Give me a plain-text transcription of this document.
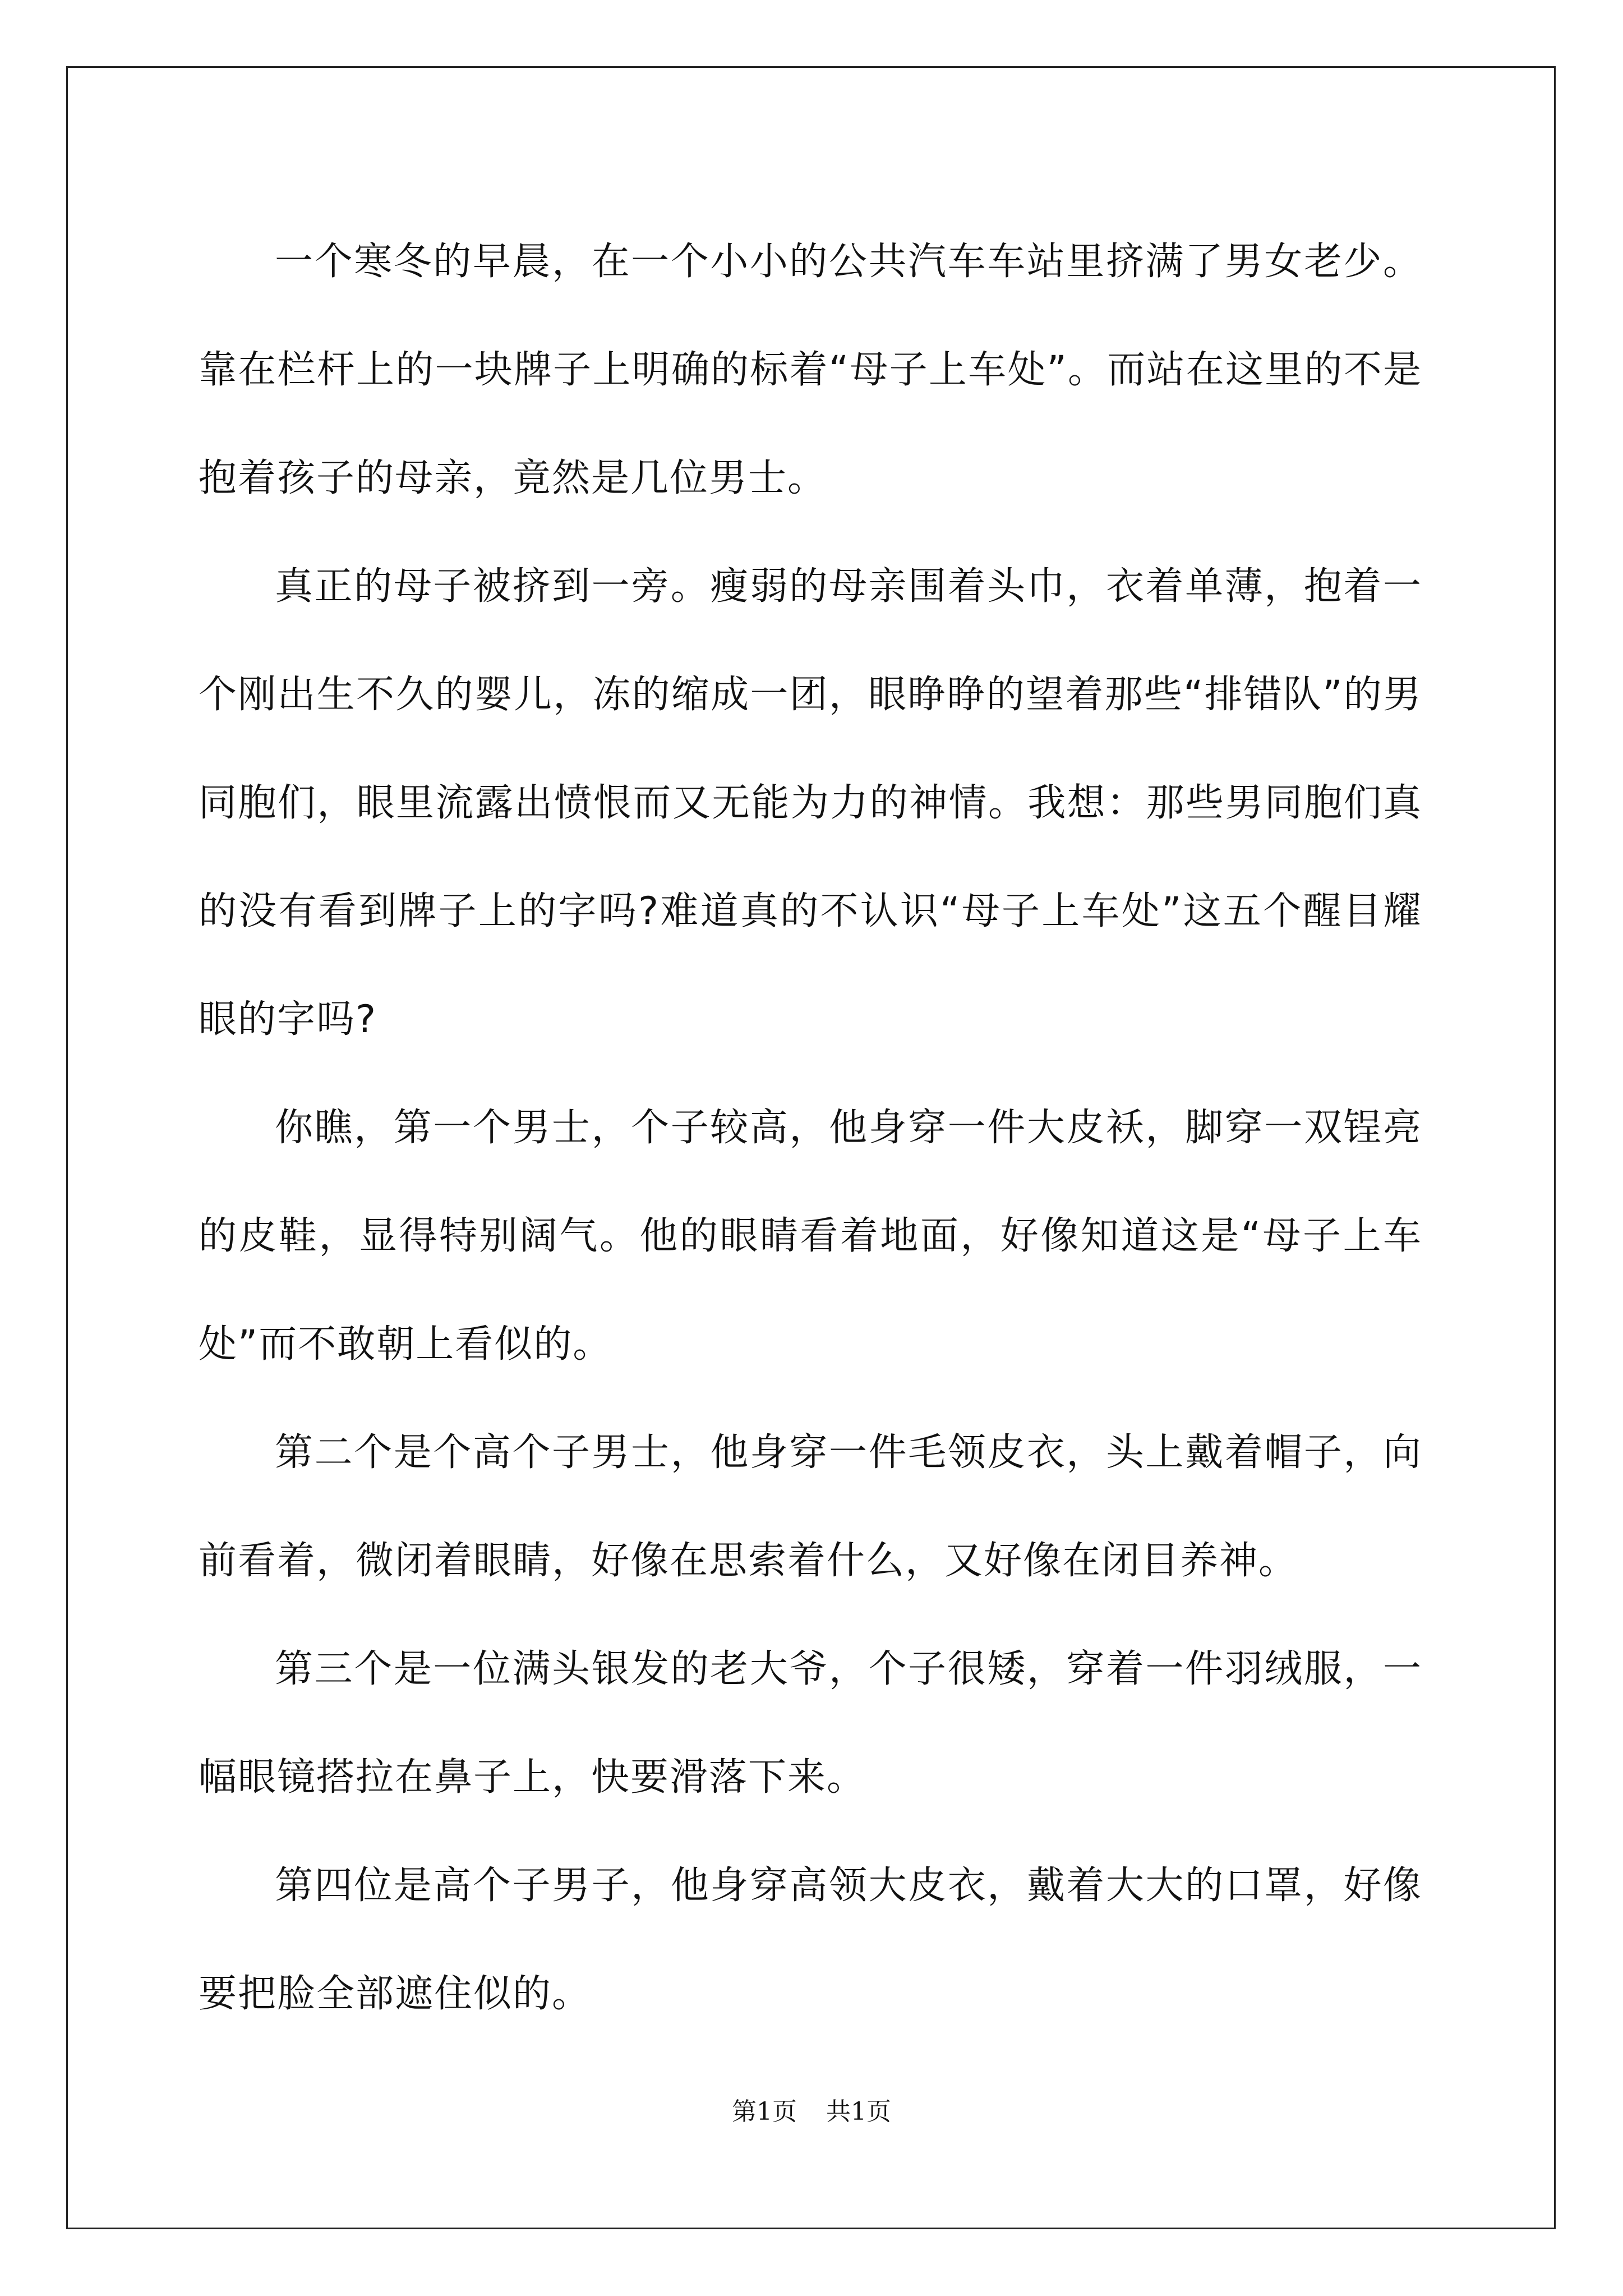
一个寒冬的早晨，在一个小小的公共汽车车站里挤满了男女老少。靠在栏杆上的一块牌子上明确的标着“母子上车处”。而站在这里的不是抱着孩子的母亲，竟然是几位男士。

真正的母子被挤到一旁。瘦弱的母亲围着头巾，衣着单薄，抱着一个刚出生不久的婴儿，冻的缩成一团，眼睁睁的望着那些“排错队”的男同胞们，眼里流露出愤恨而又无能为力的神情。我想：那些男同胞们真的没有看到牌子上的字吗?难道真的不认识“母子上车处”这五个醒目耀眼的字吗?

你瞧，第一个男士，个子较高，他身穿一件大皮袄，脚穿一双锃亮的皮鞋，显得特别阔气。他的眼睛看着地面，好像知道这是“母子上车处”而不敢朝上看似的。

第二个是个高个子男士，他身穿一件毛领皮衣，头上戴着帽子，向前看着，微闭着眼睛，好像在思索着什么，又好像在闭目养神。

第三个是一位满头银发的老大爷，个子很矮，穿着一件羽绒服，一幅眼镜搭拉在鼻子上，快要滑落下来。

第四位是高个子男子，他身穿高领大皮衣，戴着大大的口罩，好像要把脸全部遮住似的。

第1页 共1页
